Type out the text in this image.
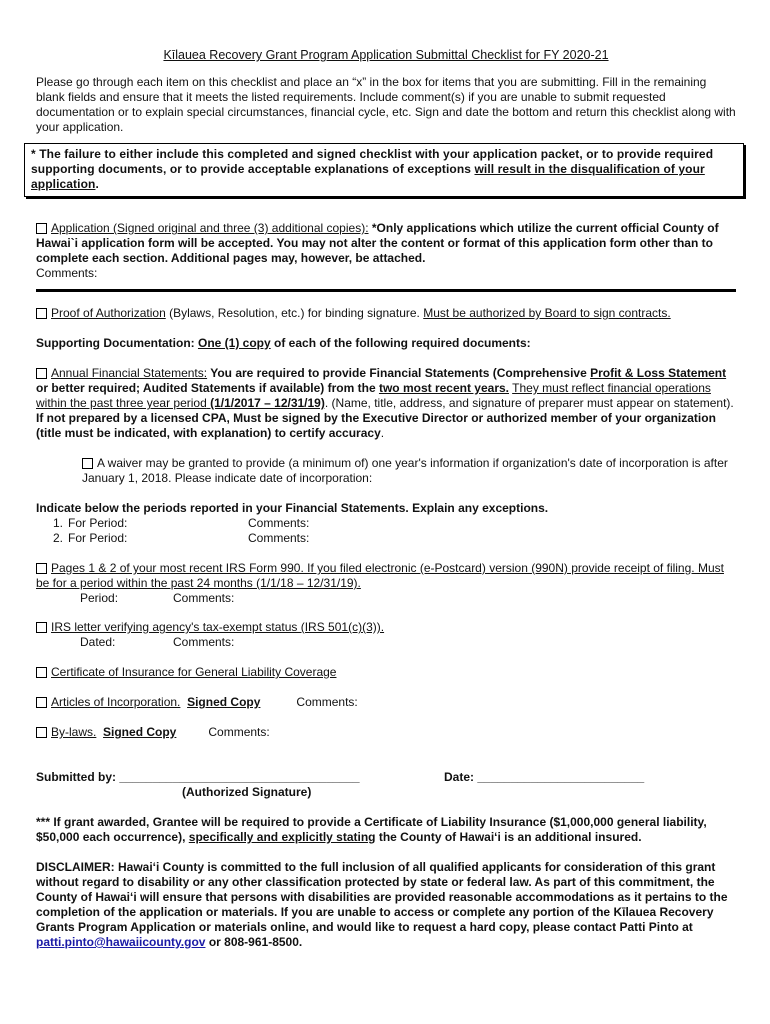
Kīlauea Recovery Grant Program Application Submittal Checklist for FY 2020-21

Please go through each item on this checklist and place an “x” in the box for items that you are submitting. Fill in the remaining blank fields and ensure that it meets the listed requirements. Include comment(s) if you are unable to submit requested documentation or to explain special circumstances, financial cycle, etc. Sign and date the bottom and return this checklist along with your application.

* The failure to either include this completed and signed checklist with your application packet, or to provide required supporting documents, or to provide acceptable explanations of exceptions will result in the disqualification of your application.
Application (Signed original and three (3) additional copies): *Only applications which utilize the current official County of Hawai`i application form will be accepted. You may not alter the content or format of this application form other than to complete each section. Additional pages may, however, be attached.
Comments:
Proof of Authorization (Bylaws, Resolution, etc.) for binding signature. Must be authorized by Board to sign contracts.
Supporting Documentation: One (1) copy of each of the following required documents:
Annual Financial Statements: You are required to provide Financial Statements (Comprehensive Profit & Loss Statement or better required; Audited Statements if available) from the two most recent years. They must reflect financial operations within the past three year period (1/1/2017 – 12/31/19). (Name, title, address, and signature of preparer must appear on statement). If not prepared by a licensed CPA, Must be signed by the Executive Director or authorized member of your organization (title must be indicated, with explanation) to certify accuracy.
A waiver may be granted to provide (a minimum of) one year's information if organization's date of incorporation is after January 1, 2018. Please indicate date of incorporation:
Indicate below the periods reported in your Financial Statements. Explain any exceptions.
1. For Period:	Comments:
2. For Period:	Comments:
Pages 1 & 2 of your most recent IRS Form 990. If you filed electronic (e-Postcard) version (990N) provide receipt of filing. Must be for a period within the past 24 months (1/1/18 – 12/31/19).
Period:	Comments:
IRS letter verifying agency's tax-exempt status (IRS 501(c)(3)).
Dated:	Comments:
Certificate of Insurance for General Liability Coverage
Articles of Incorporation. Signed Copy	Comments:
By-laws. Signed Copy	Comments:
Submitted by: ____________________________________	Date: _________________________
(Authorized Signature)
*** If grant awarded, Grantee will be required to provide a Certificate of Liability Insurance ($1,000,000 general liability, $50,000 each occurrence), specifically and explicitly stating the County of Hawaiʻi is an additional insured.
DISCLAIMER: Hawaiʻi County is committed to the full inclusion of all qualified applicants for consideration of this grant without regard to disability or any other classification protected by state or federal law. As part of this commitment, the County of Hawaiʻi will ensure that persons with disabilities are provided reasonable accommodations as it pertains to the completion of the application or materials. If you are unable to access or complete any portion of the Kīlauea Recovery Grants Program Application or materials online, and would like to request a hard copy, please contact Patti Pinto at patti.pinto@hawaiicounty.gov or 808-961-8500.
